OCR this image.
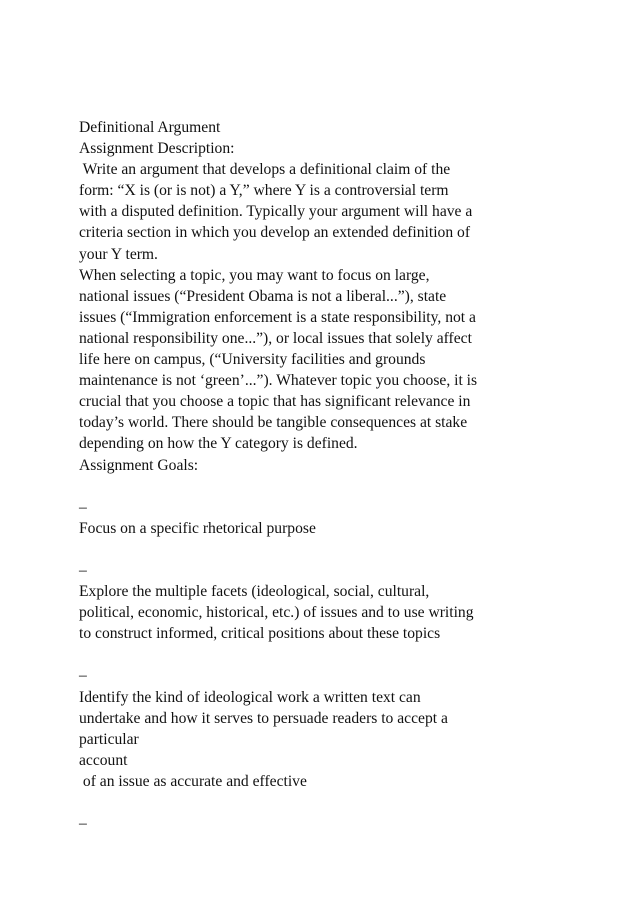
Definitional Argument
Assignment Description:
Write an argument that develops a definitional claim of the
form: “X is (or is not) a Y,” where Y is a controversial term
with a disputed definition. Typically your argument will have a
criteria section in which you develop an extended definition of
your Y term.
When selecting a topic, you may want to focus on large,
national issues (“President Obama is not a liberal...”), state
issues (“Immigration enforcement is a state responsibility, not a
national responsibility one...”), or local issues that solely affect
life here on campus, (“University facilities and grounds
maintenance is not ‘green’...”). Whatever topic you choose, it is
crucial that you choose a topic that has significant relevance in
today’s world. There should be tangible consequences at stake
depending on how the Y category is defined.
Assignment Goals:
–
Focus on a specific rhetorical purpose
–
Explore the multiple facets (ideological, social, cultural,
political, economic, historical, etc.) of issues and to use writing
to construct informed, critical positions about these topics
–
Identify the kind of ideological work a written text can
undertake and how it serves to persuade readers to accept a
particular
account
of an issue as accurate and effective
–
